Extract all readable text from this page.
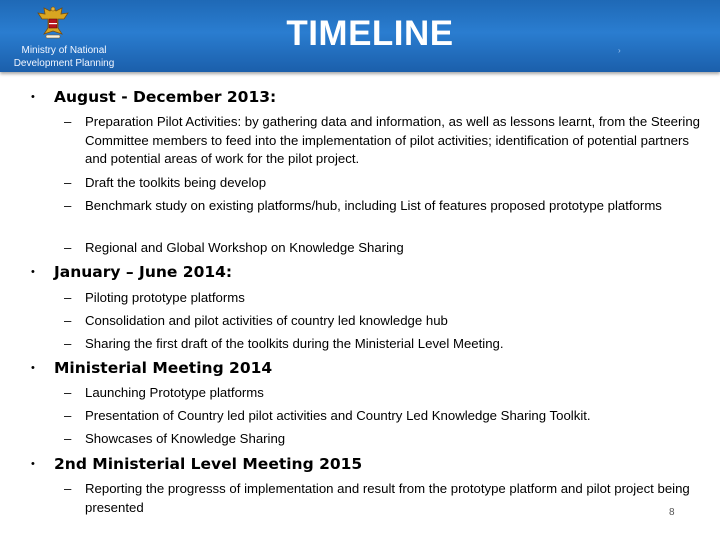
Ministry of National Development Planning
TIMELINE	›
• August - December 2013:
–	Preparation Pilot Activities: by gathering data and information, as well as lessons learnt, from the Steering Committee members to feed into the implementation of pilot activities; identification of potential partners and potential areas of work for the pilot project.
–	Draft the toolkits being develop
–	Benchmark study on existing platforms/hub, including List of features proposed prototype platforms
–	Regional and Global Workshop on Knowledge Sharing
• January – June 2014:
–	Piloting prototype platforms
–	Consolidation and pilot activities of country led knowledge hub
–	Sharing the first draft of the toolkits during the Ministerial Level Meeting.
• Ministerial Meeting 2014
–	Launching Prototype platforms
–	Presentation of Country led pilot activities and Country Led Knowledge Sharing Toolkit.
–	Showcases of Knowledge Sharing
• 2nd Ministerial Level Meeting 2015
–	Reporting the progresss of implementation and result from the prototype platform and pilot project being presented	8
